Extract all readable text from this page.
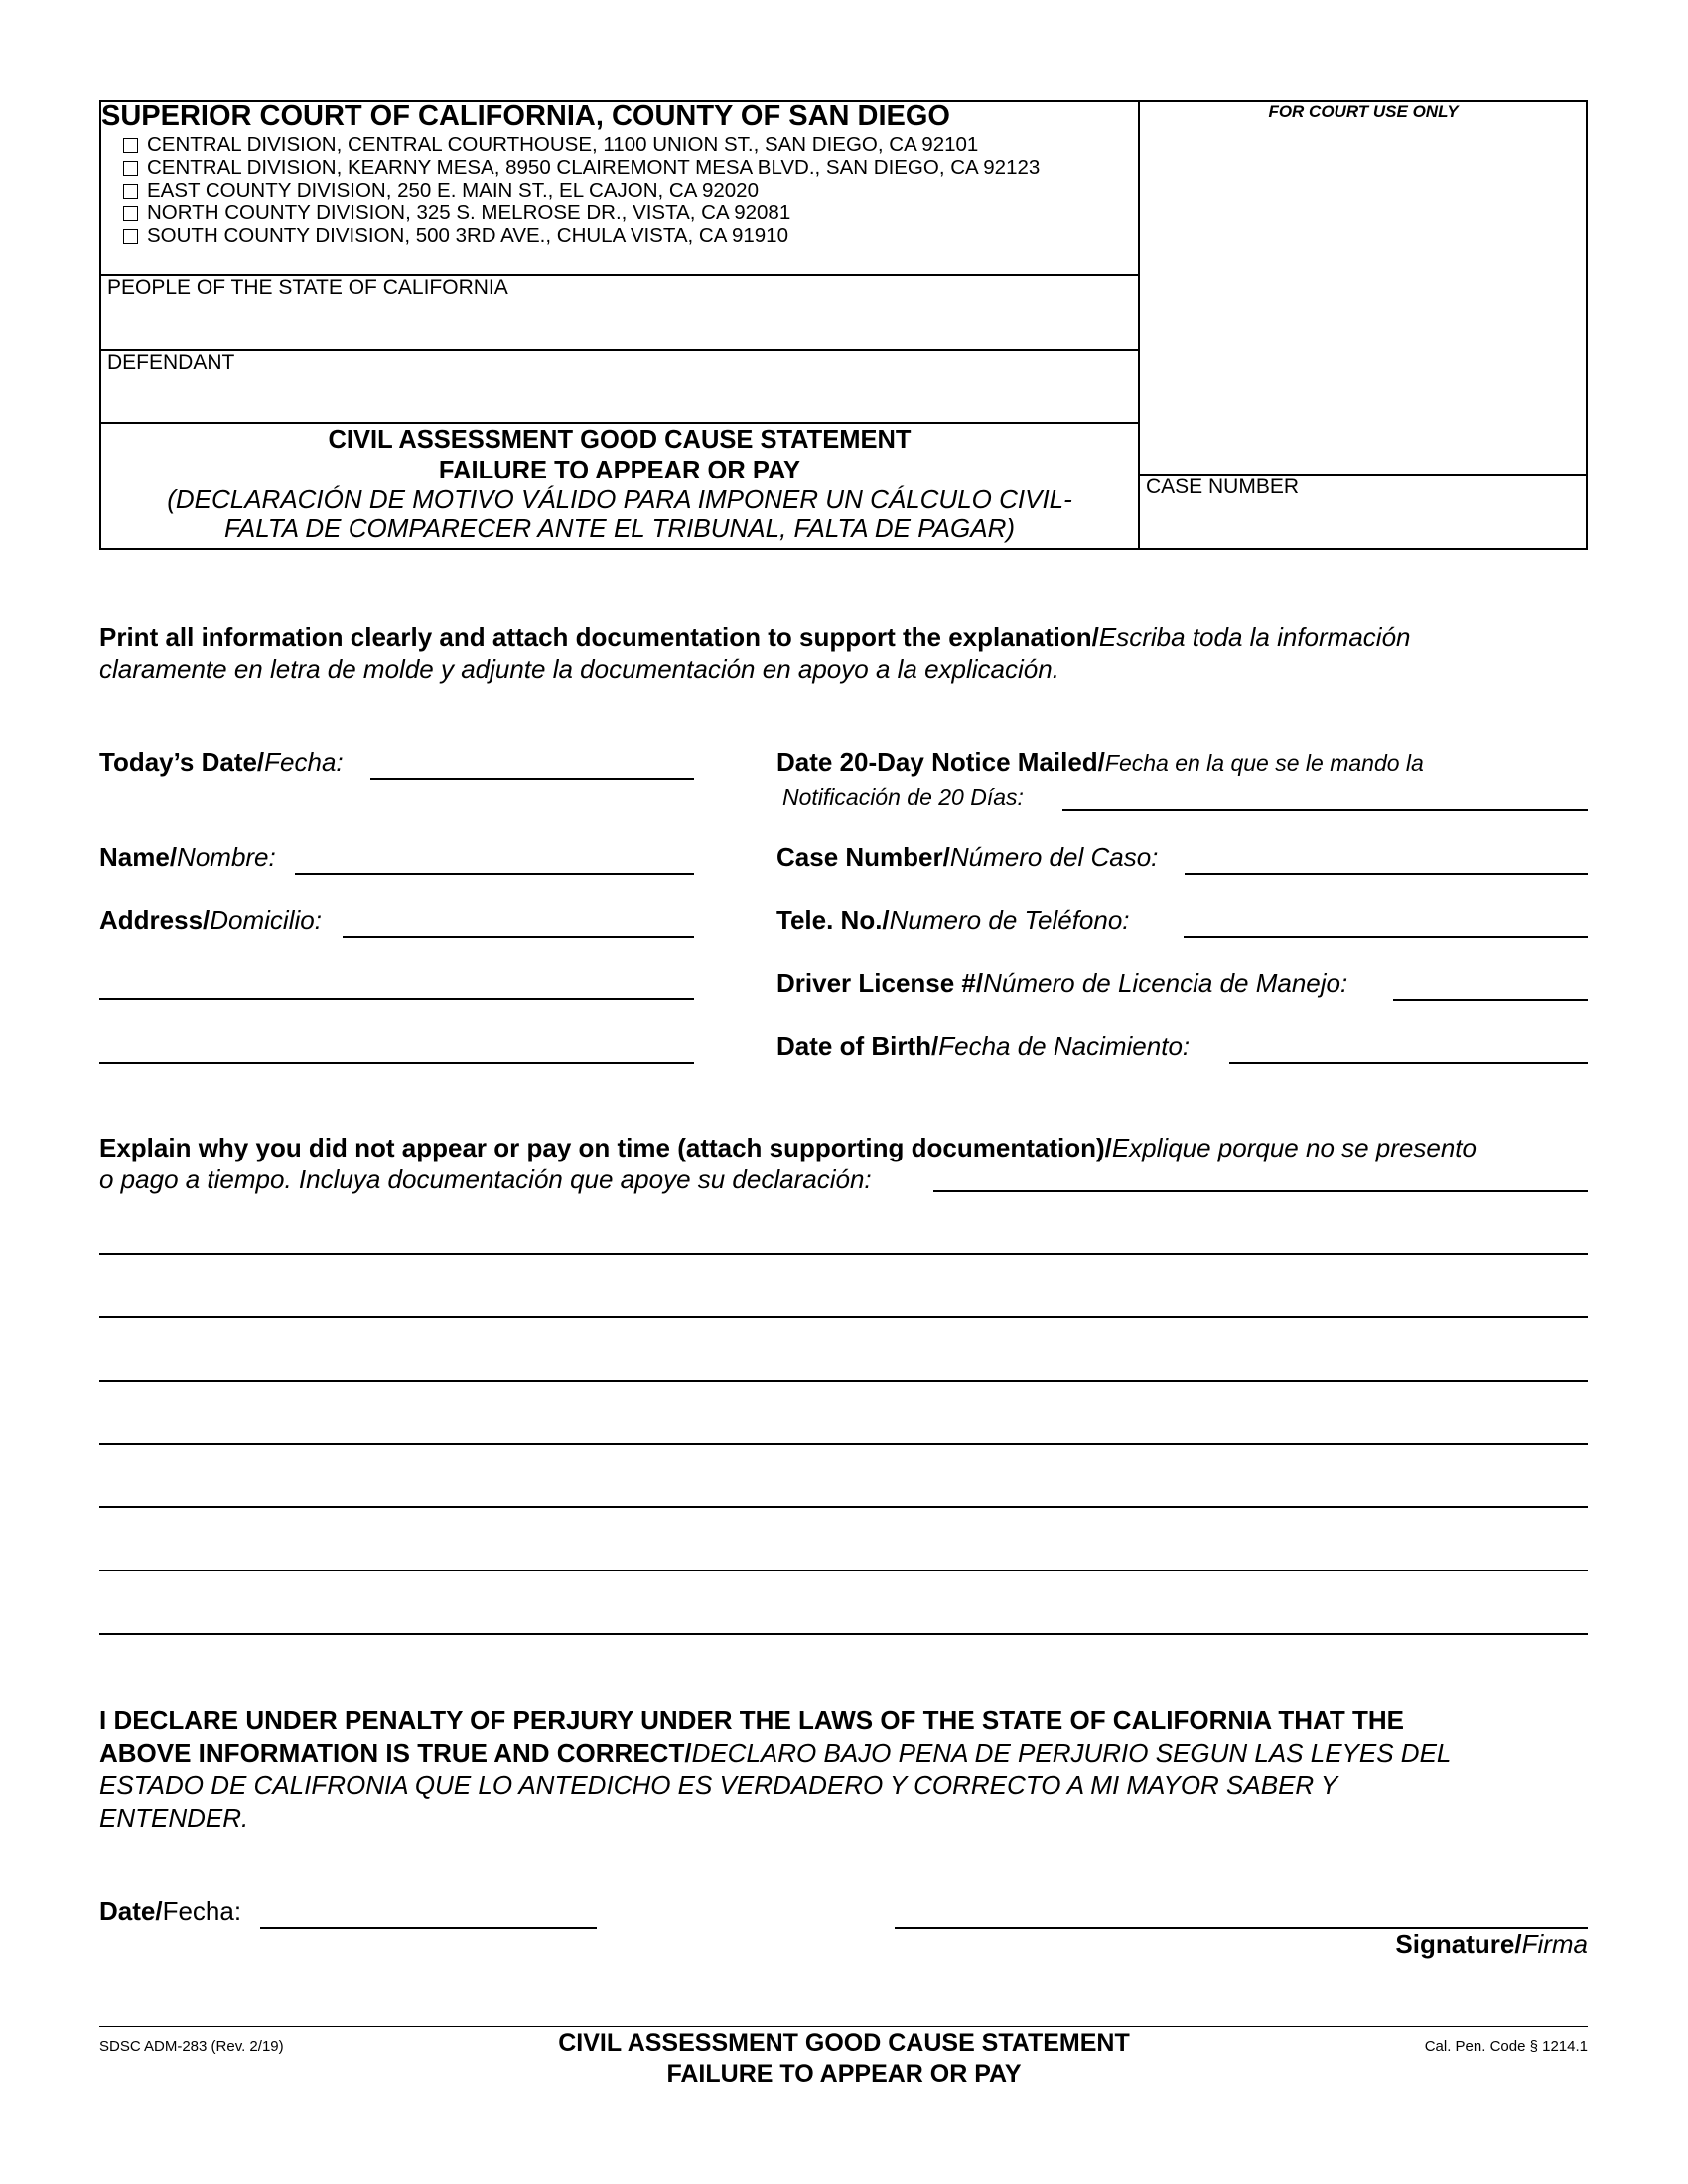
SUPERIOR COURT OF CALIFORNIA, COUNTY OF SAN DIEGO
CENTRAL DIVISION, CENTRAL COURTHOUSE, 1100 UNION ST., SAN DIEGO, CA 92101
CENTRAL DIVISION, KEARNY MESA, 8950 CLAIREMONT MESA BLVD., SAN DIEGO, CA 92123
EAST COUNTY DIVISION, 250 E. MAIN ST., EL CAJON, CA 92020
NORTH COUNTY DIVISION, 325 S. MELROSE DR., VISTA, CA 92081
SOUTH COUNTY DIVISION, 500 3RD AVE., CHULA VISTA, CA 91910
FOR COURT USE ONLY
PEOPLE OF THE STATE OF CALIFORNIA
DEFENDANT
CIVIL ASSESSMENT GOOD CAUSE STATEMENT
FAILURE TO APPEAR OR PAY
(DECLARACIÓN DE MOTIVO VÁLIDO PARA IMPONER UN CÁLCULO CIVIL-
FALTA DE COMPARECER ANTE EL TRIBUNAL, FALTA DE PAGAR)
CASE NUMBER
Print all information clearly and attach documentation to support the explanation/Escriba toda la información
claramente en letra de molde y adjunte la documentación en apoyo a la explicación.
Today’s Date/Fecha:
Name/Nombre:
Address/Domicilio:
Date 20-Day Notice Mailed/Fecha en la que se le mando la
Notificación de 20 Días:
Case Number/Número del Caso:
Tele. No./Numero de Teléfono:
Driver License #/Número de Licencia de Manejo:
Date of Birth/Fecha de Nacimiento:
Explain why you did not appear or pay on time (attach supporting documentation)/Explique porque no se presento
o pago a tiempo. Incluya documentación que apoye su declaración:
I DECLARE UNDER PENALTY OF PERJURY UNDER THE LAWS OF THE STATE OF CALIFORNIA THAT THE
ABOVE INFORMATION IS TRUE AND CORRECT/DECLARO BAJO PENA DE PERJURIO SEGUN LAS LEYES DEL
ESTADO DE CALIFRONIA QUE LO ANTEDICHO ES VERDADERO Y CORRECTO A MI MAYOR SABER Y
ENTENDER.
Date/Fecha:
Signature/Firma
SDSC ADM-283 (Rev. 2/19)	CIVIL ASSESSMENT GOOD CAUSE STATEMENT
FAILURE TO APPEAR OR PAY
Cal. Pen. Code § 1214.1
